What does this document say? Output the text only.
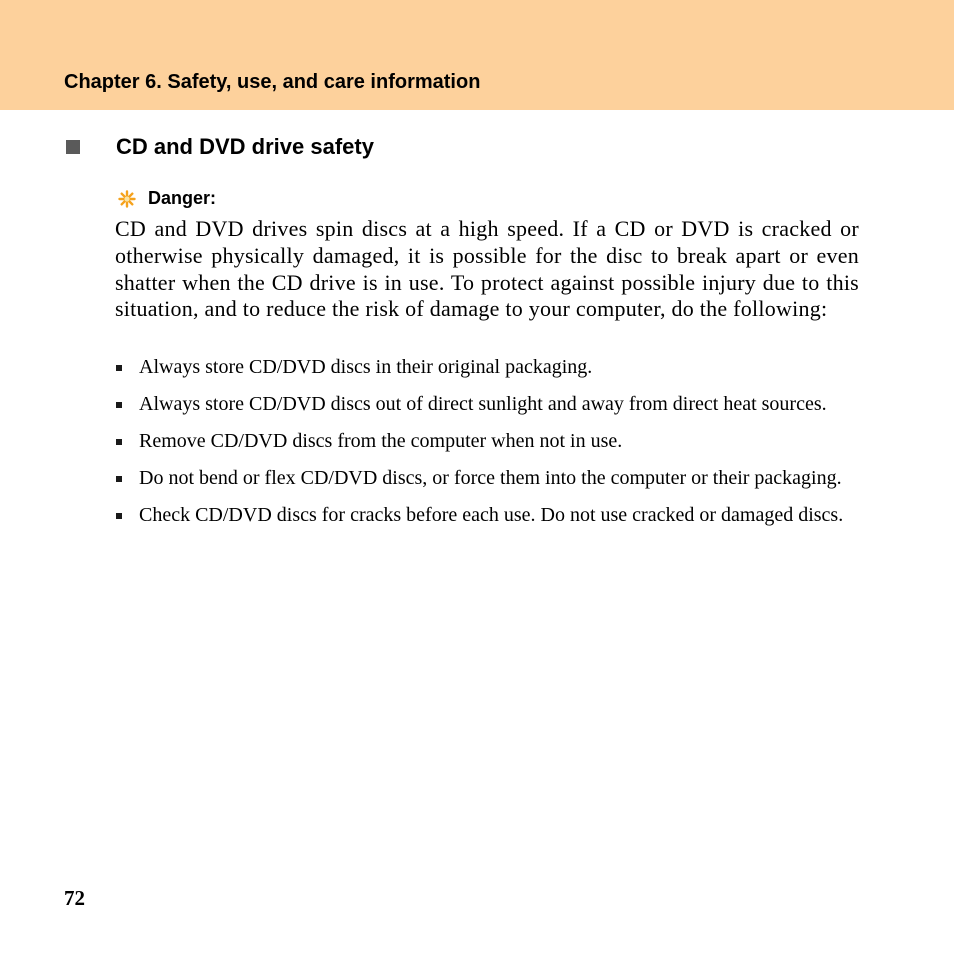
Chapter 6. Safety, use, and care information
CD and DVD drive safety
Danger:

CD and DVD drives spin discs at a high speed. If a CD or DVD is cracked or otherwise physically damaged, it is possible for the disc to break apart or even shatter when the CD drive is in use. To protect against possible injury due to this situation, and to reduce the risk of damage to your computer, do the following:

Always store CD/DVD discs in their original packaging.
Always store CD/DVD discs out of direct sunlight and away from direct heat sources.
Remove CD/DVD discs from the computer when not in use.
Do not bend or flex CD/DVD discs, or force them into the computer or their packaging.
Check CD/DVD discs for cracks before each use. Do not use cracked or damaged discs.
72
